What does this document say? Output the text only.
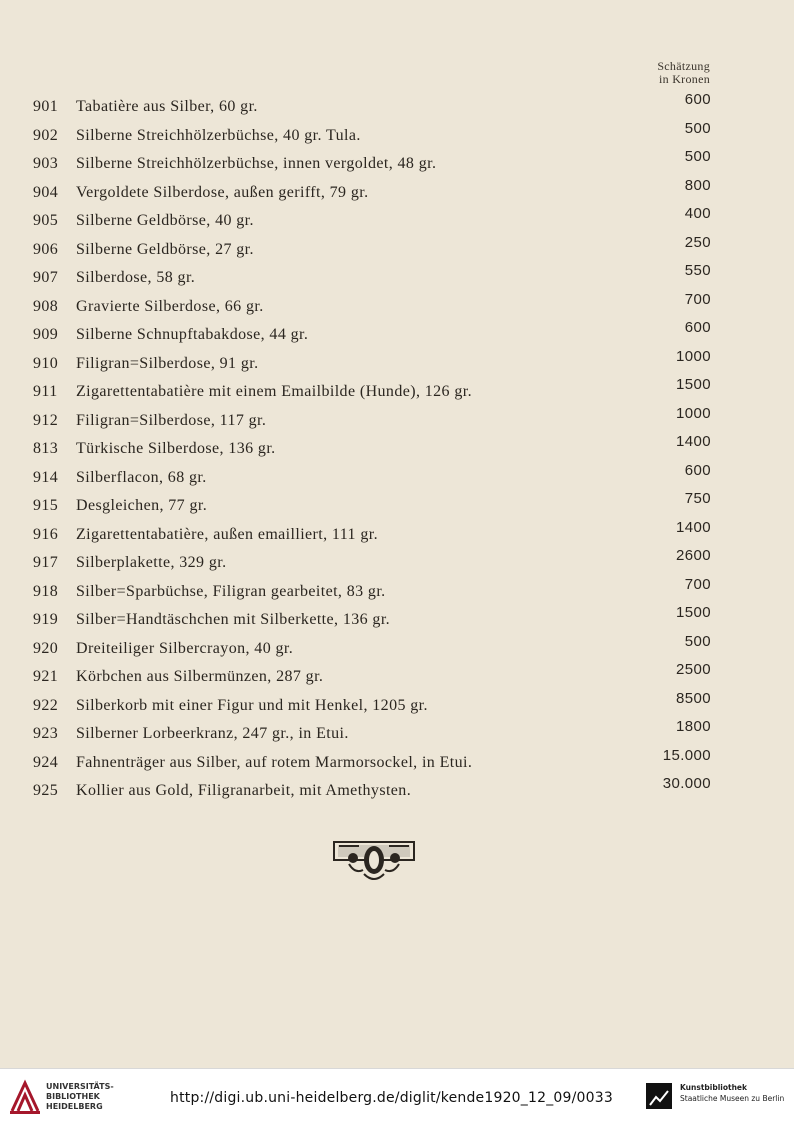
Schätzung
in Kronen
901 Tabatière aus Silber, 60 gr.	600
902 Silberne Streichhölzerbüchse, 40 gr. Tula.	500
903 Silberne Streichhölzerbüchse, innen vergoldet, 48 gr.	500
904 Vergoldete Silberdose, außen gerifft, 79 gr.	800
905 Silberne Geldbörse, 40 gr.	400
906 Silberne Geldbörse, 27 gr.	250
907 Silberdose, 58 gr.	550
908 Gravierte Silberdose, 66 gr.	700
909 Silberne Schnupftabakdose, 44 gr.	600
910 Filigran=Silberdose, 91 gr.	1000
911 Zigarettentabatière mit einem Emailbilde (Hunde), 126 gr.	1500
912 Filigran=Silberdose, 117 gr.	1000
813 Türkische Silberdose, 136 gr.	1400
914 Silberflacon, 68 gr.	600
915 Desgleichen, 77 gr.	750
916 Zigarettentabatière, außen emailliert, 111 gr.	1400
917 Silberplakette, 329 gr.	2600
918 Silber=Sparbüchse, Filigran gearbeitet, 83 gr.	700
919 Silber=Handtäschchen mit Silberkette, 136 gr.	1500
920 Dreiteiliger Silbercrayon, 40 gr.	500
921 Körbchen aus Silbermünzen, 287 gr.	2500
922 Silberkorb mit einer Figur und mit Henkel, 1205 gr.	8500
923 Silberner Lorbeerkranz, 247 gr., in Etui.	1800
924 Fahnenträger aus Silber, auf rotem Marmorsockel, in Etui.	15.000
925 Kollier aus Gold, Filigranarbeit, mit Amethysten.	30.000
UNIVERSITÄTS-
BIBLIOTHEK
HEIDELBERG
http://digi.ub.uni-heidelberg.de/diglit/kende1920_12_09/0033
Kunstbibliothek
Staatliche Museen zu Berlin
